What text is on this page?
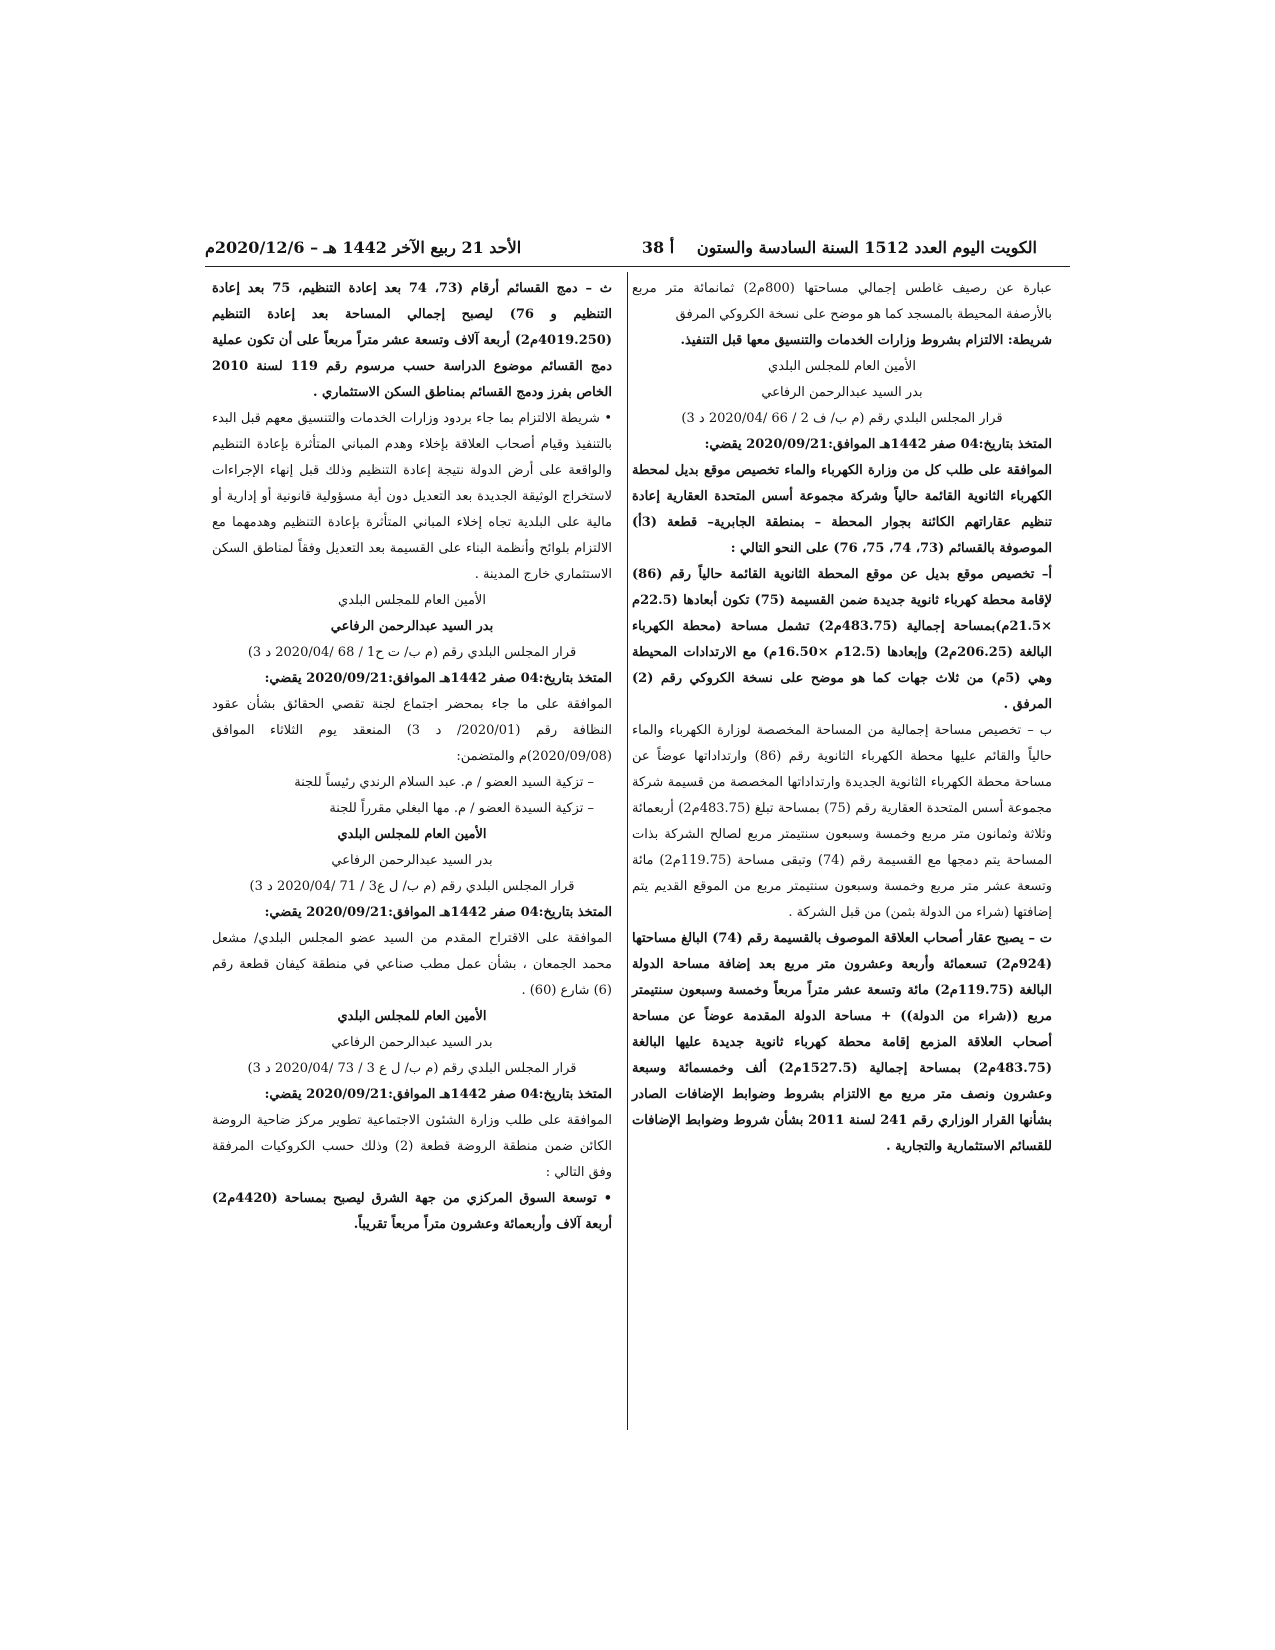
الكويت اليوم العدد 1512 السنة السادسة والستون
أ 38
الأحد 21 ربيع الآخر 1442 هـ – 2020/12/6م

عبارة عن رصيف غاطس إجمالي مساحتها (800م2) ثمانمائة متر مربع بالأرصفة المحيطة بالمسجد كما هو موضح على نسخة الكروكي المرفق

شريطة: الالتزام بشروط وزارات الخدمات والتنسيق معها قبل التنفيذ.

الأمين العام للمجلس البلدي

بدر السيد عبدالرحمن الرفاعي

قرار المجلس البلدي رقم (م ب/ ف 2 / 66 /2020/04 د 3)

المتخذ بتاريخ:04 صفر 1442هـ الموافق:2020/09/21 يقضي:

الموافقة على طلب كل من وزارة الكهرباء والماء تخصيص موقع بديل لمحطة الكهرباء الثانوية القائمة حالياً وشركة مجموعة أسس المتحدة العقارية إعادة تنظيم عقاراتهم الكائنة بجوار المحطة – بمنطقة الجابرية– قطعة (3أ) الموصوفة بالقسائم (73، 74، 75، 76) على النحو التالي :

أ– تخصيص موقع بديل عن موقع المحطة الثانوية القائمة حالياً رقم (86) لإقامة محطة كهرباء ثانوية جديدة ضمن القسيمة (75) تكون أبعادها (22.5م ×21.5م)بمساحة إجمالية (483.75م2) تشمل مساحة (محطة الكهرباء البالغة (206.25م2) وإبعادها (12.5م ×16.50م) مع الارتدادات المحيطة وهي (5م) من ثلاث جهات كما هو موضح على نسخة الكروكي رقم (2) المرفق .

ب – تخصيص مساحة إجمالية من المساحة المخصصة لوزارة الكهرباء والماء حالياً والقائم عليها محطة الكهرباء الثانوية رقم (86) وارتداداتها عوضاً عن مساحة محطة الكهرباء الثانوية الجديدة وارتداداتها المخصصة من قسيمة شركة مجموعة أسس المتحدة العقارية رقم (75) بمساحة تبلغ (483.75م2) أربعمائة وثلاثة وثمانون متر مربع وخمسة وسبعون سنتيمتر مربع لصالح الشركة بذات المساحة يتم دمجها مع القسيمة رقم (74) وتبقى مساحة (119.75م2) مائة وتسعة عشر متر مربع وخمسة وسبعون سنتيمتر مربع من الموقع القديم يتم إضافتها (شراء من الدولة بثمن) من قبل الشركة .

ت – يصبح عقار أصحاب العلاقة الموصوف بالقسيمة رقم (74) البالغ مساحتها (924م2) تسعمائة وأربعة وعشرون متر مربع بعد إضافة مساحة الدولة البالغة (119.75م2) مائة وتسعة عشر متراً مربعاً وخمسة وسبعون سنتيمتر مربع ((شراء من الدولة)) + مساحة الدولة المقدمة عوضاً عن مساحة أصحاب العلاقة المزمع إقامة محطة كهرباء ثانوية جديدة عليها البالغة (483.75م2) بمساحة إجمالية (1527.5م2) ألف وخمسمائة وسبعة وعشرون ونصف متر مربع مع الالتزام بشروط وضوابط الإضافات الصادر بشأنها القرار الوزاري رقم 241 لسنة 2011 بشأن شروط وضوابط الإضافات للقسائم الاستثمارية والتجارية .

ث – دمج القسائم أرقام (73، 74 بعد إعادة التنظيم، 75 بعد إعادة التنظيم و 76) ليصبح إجمالي المساحة بعد إعادة التنظيم (4019.250م2) أربعة آلاف وتسعة عشر متراً مربعاً على أن تكون عملية دمج القسائم موضوع الدراسة حسب مرسوم رقم 119 لسنة 2010 الخاص بفرز ودمج القسائم بمناطق السكن الاستثماري .

• شريطة الالتزام بما جاء بردود وزارات الخدمات والتنسيق معهم قبل البدء بالتنفيذ وقيام أصحاب العلاقة بإخلاء وهدم المباني المتأثرة بإعادة التنظيم والواقعة على أرض الدولة نتيجة إعادة التنظيم وذلك قبل إنهاء الإجراءات لاستخراج الوثيقة الجديدة بعد التعديل دون أية مسؤولية قانونية أو إدارية أو مالية على البلدية تجاه إخلاء المباني المتأثرة بإعادة التنظيم وهدمهما مع الالتزام بلوائح وأنظمة البناء على القسيمة بعد التعديل وفقاً لمناطق السكن الاستثماري خارج المدينة .

الأمين العام للمجلس البلدي

بدر السيد عبدالرحمن الرفاعي

قرار المجلس البلدي رقم (م ب/ ت ح1 / 68 /2020/04 د 3)

المتخذ بتاريخ:04 صفر 1442هـ الموافق:2020/09/21 يقضي:

الموافقة على ما جاء بمحضر اجتماع لجنة تقصي الحقائق بشأن عقود النظافة رقم (2020/01/ د 3) المنعقد يوم الثلاثاء الموافق (2020/09/08)م والمتضمن:

– تزكية السيد العضو / م. عبد السلام الرندي رئيساً للجنة

– تزكية السيدة العضو / م. مها البغلي مقرراً للجنة

الأمين العام للمجلس البلدي

بدر السيد عبدالرحمن الرفاعي

قرار المجلس البلدي رقم (م ب/ ل ع3 / 71 /2020/04 د 3)

المتخذ بتاريخ:04 صفر 1442هـ الموافق:2020/09/21 يقضي:

الموافقة على الاقتراح المقدم من السيد عضو المجلس البلدي/ مشعل محمد الجمعان ، بشأن عمل مطب صناعي في منطقة كيفان قطعة رقم (6) شارع (60) .

الأمين العام للمجلس البلدي

بدر السيد عبدالرحمن الرفاعي

قرار المجلس البلدي رقم (م ب/ ل ع 3 / 73 /2020/04 د 3)

المتخذ بتاريخ:04 صفر 1442هـ الموافق:2020/09/21 يقضي:

الموافقة على طلب وزارة الشئون الاجتماعية تطوير مركز ضاحية الروضة الكائن ضمن منطقة الروضة قطعة (2) وذلك حسب الكروكيات المرفقة وفق التالي :

• توسعة السوق المركزي من جهة الشرق ليصبح بمساحة (4420م2) أربعة آلاف وأربعمائة وعشرون متراً مربعاً تقريباً.
